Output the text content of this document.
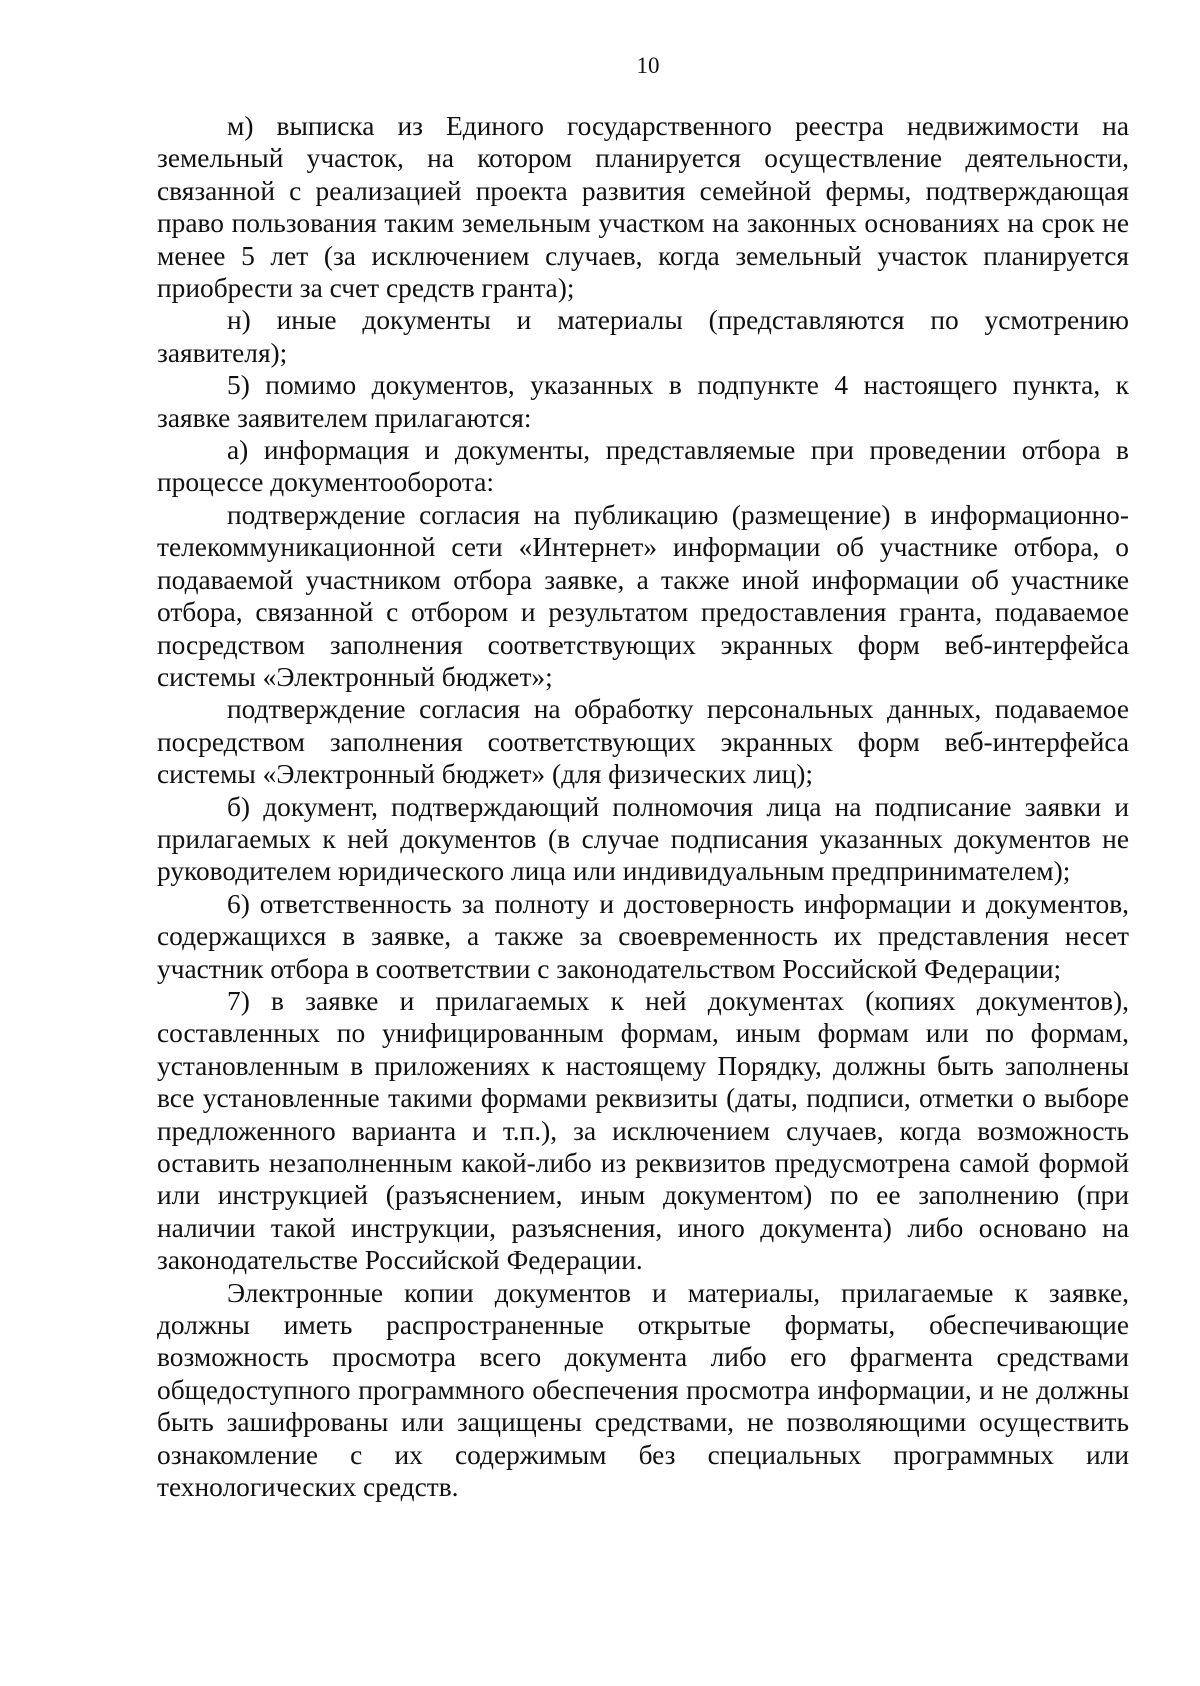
10

м) выписка из Единого государственного реестра недвижимости на земельный участок, на котором планируется осуществление деятельности, связанной с реализацией проекта развития семейной фермы, подтверждающая право пользования таким земельным участком на законных основаниях на срок не менее 5 лет (за исключением случаев, когда земельный участок планируется приобрести за счет средств гранта);

н) иные документы и материалы (представляются по усмотрению заявителя);

5) помимо документов, указанных в подпункте 4 настоящего пункта, к заявке заявителем прилагаются:

а) информация и документы, представляемые при проведении отбора в процессе документооборота:

подтверждение согласия на публикацию (размещение) в информационно-телекоммуникационной сети «Интернет» информации об участнике отбора, о подаваемой участником отбора заявке, а также иной информации об участнике отбора, связанной с отбором и результатом предоставления гранта, подаваемое посредством заполнения соответствующих экранных форм веб-интерфейса системы «Электронный бюджет»;

подтверждение согласия на обработку персональных данных, подаваемое посредством заполнения соответствующих экранных форм веб-интерфейса системы «Электронный бюджет» (для физических лиц);

б) документ, подтверждающий полномочия лица на подписание заявки и прилагаемых к ней документов (в случае подписания указанных документов не руководителем юридического лица или индивидуальным предпринимателем);

6) ответственность за полноту и достоверность информации и документов, содержащихся в заявке, а также за своевременность их представления несет участник отбора в соответствии с законодательством Российской Федерации;

7) в заявке и прилагаемых к ней документах (копиях документов), составленных по унифицированным формам, иным формам или по формам, установленным в приложениях к настоящему Порядку, должны быть заполнены все установленные такими формами реквизиты (даты, подписи, отметки о выборе предложенного варианта и т.п.), за исключением случаев, когда возможность оставить незаполненным какой-либо из реквизитов предусмотрена самой формой или инструкцией (разъяснением, иным документом) по ее заполнению (при наличии такой инструкции, разъяснения, иного документа) либо основано на законодательстве Российской Федерации.

Электронные копии документов и материалы, прилагаемые к заявке, должны иметь распространенные открытые форматы, обеспечивающие возможность просмотра всего документа либо его фрагмента средствами общедоступного программного обеспечения просмотра информации, и не должны быть зашифрованы или защищены средствами, не позволяющими осуществить ознакомление с их содержимым без специальных программных или технологических средств.
